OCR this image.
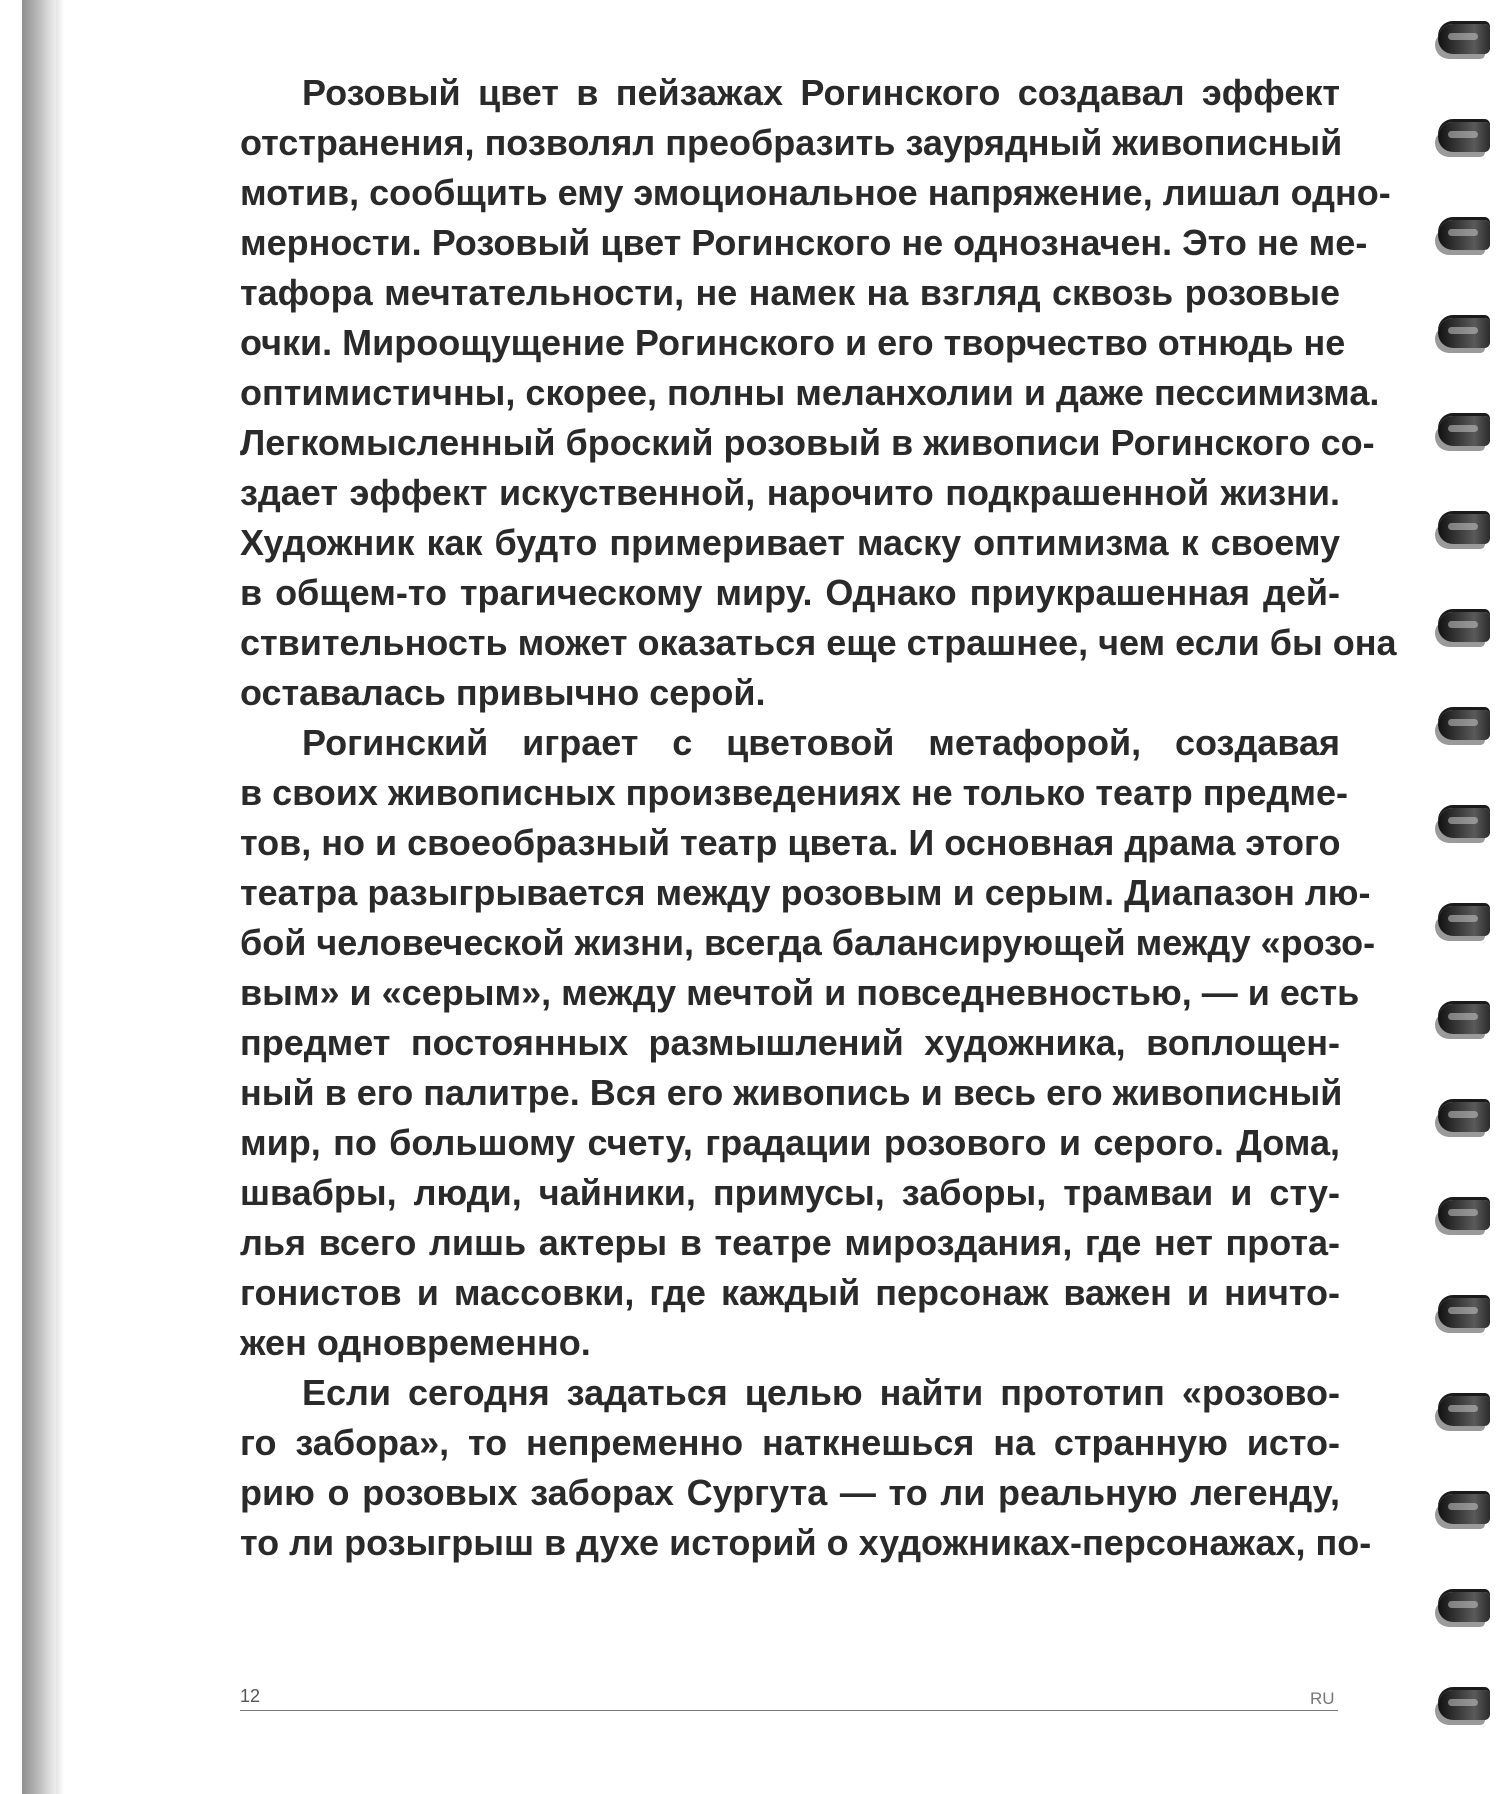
Розовый цвет в пейзажах Рогинского создавал эффект
отстранения, позволял преобразить заурядный живописный
мотив, сообщить ему эмоциональное напряжение, лишал одно-
мерности. Розовый цвет Рогинского не однозначен. Это не ме-
тафора мечтательности, не намек на взгляд сквозь розовые
очки. Мироощущение Рогинского и его творчество отнюдь не
оптимистичны, скорее, полны меланхолии и даже пессимизма.
Легкомысленный броский розовый в живописи Рогинского со-
здает эффект искуственной, нарочито подкрашенной жизни.
Художник как будто примеривает маску оптимизма к своему
в общем-то трагическому миру. Однако приукрашенная дей-
ствительность может оказаться еще страшнее, чем если бы она
оставалась привычно серой.

Рогинский играет с цветовой метафорой, создавая
в своих живописных произведениях не только театр предме-
тов, но и своеобразный театр цвета. И основная драма этого
театра разыгрывается между розовым и серым. Диапазон лю-
бой человеческой жизни, всегда балансирующей между «розо-
вым» и «серым», между мечтой и повседневностью, — и есть
предмет постоянных размышлений художника, воплощен-
ный в его палитре. Вся его живопись и весь его живописный
мир, по большому счету, градации розового и серого. Дома,
швабры, люди, чайники, примусы, заборы, трамваи и сту-
лья всего лишь актеры в театре мироздания, где нет прота-
гонистов и массовки, где каждый персонаж важен и ничто-
жен одновременно.

Если сегодня задаться целью найти прототип «розово-
го забора», то непременно наткнешься на странную исто-
рию о розовых заборах Сургута — то ли реальную легенду,
то ли розыгрыш в духе историй о художниках-персонажах, по-

12	RU
